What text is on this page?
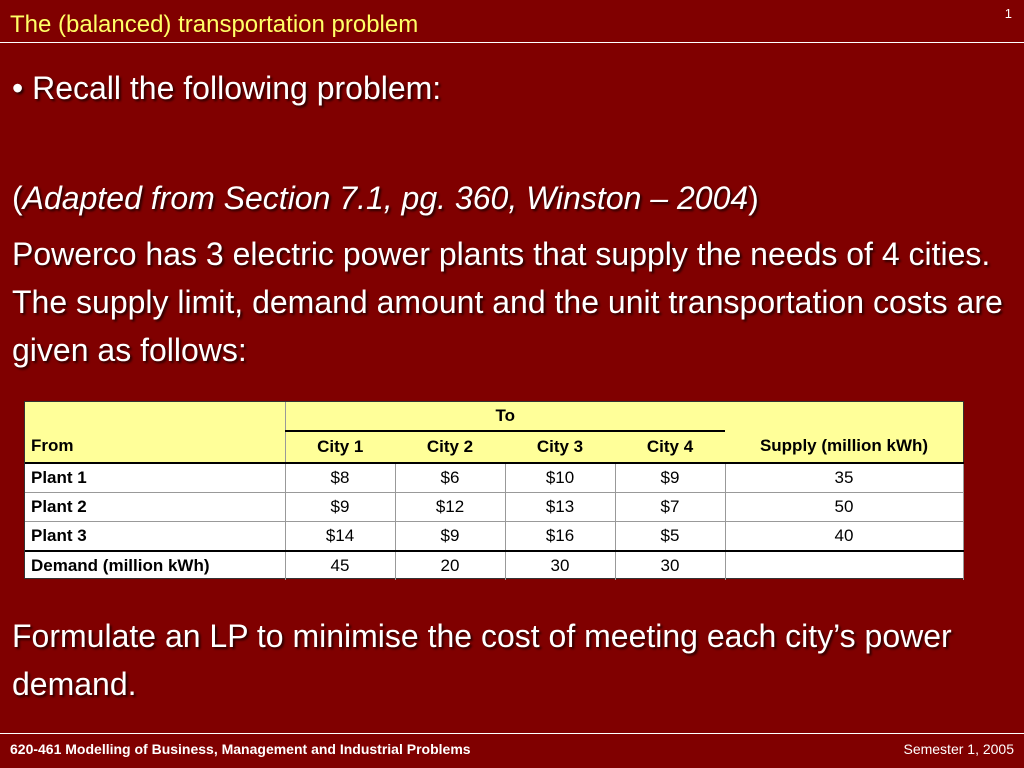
The (balanced) transportation problem	1
• Recall the following problem:
(Adapted from Section 7.1, pg. 360, Winston – 2004)
Powerco has 3 electric power plants that supply the needs of 4 cities. The supply limit, demand amount and the unit transportation costs are given as follows:
From	To				Supply (million kWh)
	City 1	City 2	City 3	City 4	
Plant 1	$8	$6	$10	$9	35
Plant 2	$9	$12	$13	$7	50
Plant 3	$14	$9	$16	$5	40
Demand (million kWh)	45	20	30	30	
Formulate an LP to minimise the cost of meeting each city’s power demand.
620-461 Modelling of Business, Management and Industrial Problems	Semester 1, 2005
